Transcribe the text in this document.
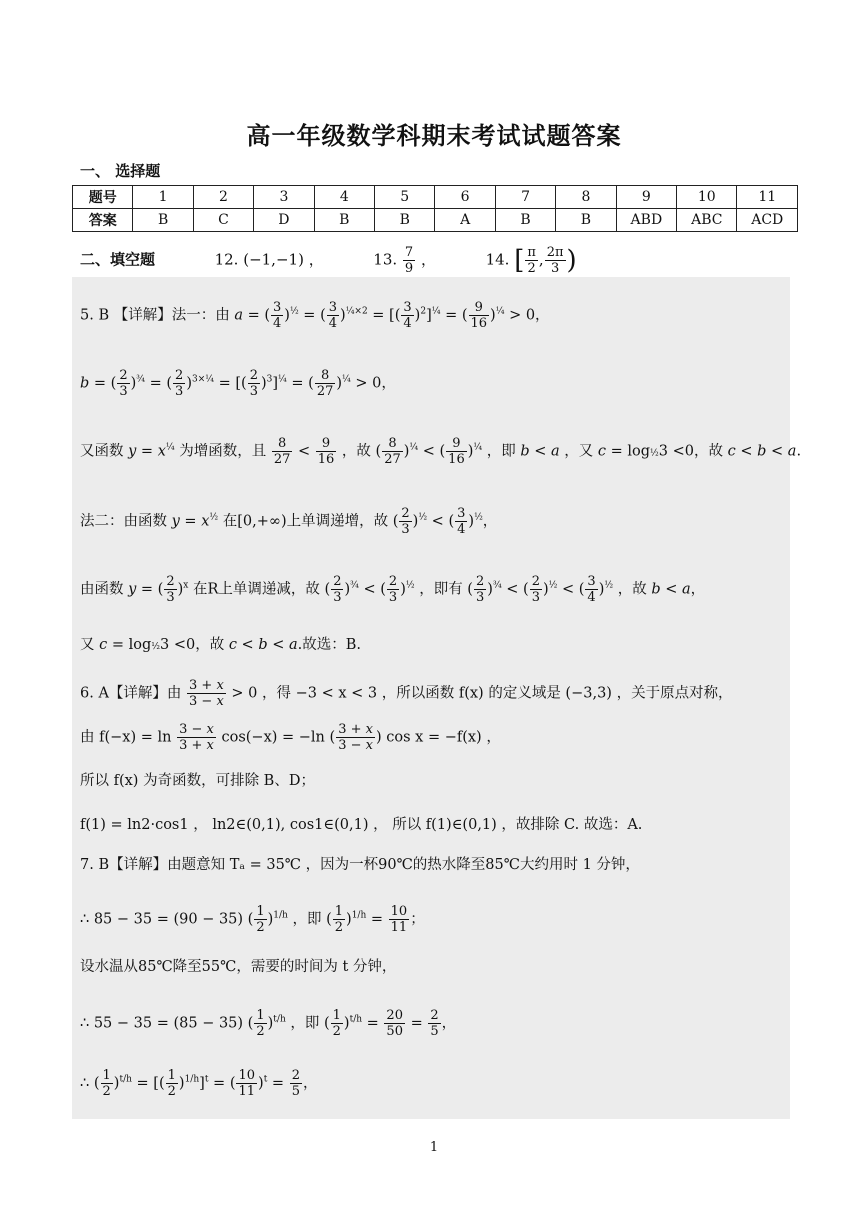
高一年级数学科期末考试试题答案
一、 选择题
题号	1	2	3	4	5	6	7	8	9	10	11
答案	B	C	D	B	B	A	B	B	ABD	ABC	ACD
二、填空题	12. (−1,−1) ，	13. $\frac{7}{9}$ ，	14. [ $\frac{\pi}{2}$ , $\frac{2\pi}{3}$ )
5. B 【详解】法一：由 a = ( $\frac{3}{4} )^{\frac{1}{2}}$ = ( $\frac{3}{4} )^{\frac{1}{4}\times 2}$ = [( $\frac{3}{4} )^2]^{\frac{1}{4}}$ = ( $\frac{9}{16} )^{\frac{1}{4}} > 0$，
b = ( $\frac{2}{3} )^{\frac{3}{4}}$ = ( $\frac{2}{3} )^{3\times\frac{1}{4}}$ = [( $\frac{2}{3} )^3]^{\frac{1}{4}}$ = ( $\frac{8}{27} )^{\frac{1}{4}} > 0$，
又函数 $y = x^{\frac{1}{4}}$ 为增函数，且 $\frac{8}{27} < \frac{9}{16}$ ，故 ( $\frac{8}{27} )^{\frac{1}{4}}$ < ( $\frac{9}{16} )^{\frac{1}{4}}$ ，即 b < a ，又 c = log½3 <0，故 c < b < a.
法二：由函数 $y = x^{\frac{1}{2}}$ 在[0,+∞)上单调递增，故 ( $\frac{2}{3} )^{\frac{1}{2}}$ < ( $\frac{3}{4} )^{\frac{1}{2}}$，
由函数 y = ( $\frac{2}{3} )^x$ 在R上单调递减，故 ( $\frac{2}{3} )^{\frac{3}{4}}$ < ( $\frac{2}{3} )^{\frac{1}{2}}$ ，即有 ( $\frac{2}{3} )^{\frac{3}{4}}$ < ( $\frac{2}{3} )^{\frac{1}{2}}$ < ( $\frac{3}{4} )^{\frac{1}{2}}$ ，故 b < a，
又 c = log½3 <0，故 c < b < a.故选：B.
6. A【详解】由 $\frac{3 + x}{3 - x} > 0$ ，得 −3 < x < 3 ，所以函数 f(x) 的定义域是 (−3,3) ，关于原点对称，
由 $f(-x) = \ln \frac{3 - x}{3 + x} \cos(-x) = -\ln$ ( $\frac{3 + x}{3 - x}$ ) cos x = −f(x) ，
所以 f(x) 为奇函数，可排除 B、D；
f(1) = ln2·cos1 ， ln2∈(0,1), cos1∈(0,1) ， 所以 f(1)∈(0,1) ，故排除 C. 故选：A.
7. B【详解】由题意知 Tₐ = 35℃ ，因为一杯90℃的热水降至85℃大约用时 1 分钟，
∴ 85 − 35 = (90 − 35) ( $\frac{1}{2} )^{1/h}$ ，即 ( $\frac{1}{2} )^{1/h} = \frac{10}{11}$ ；
设水温从85℃降至55℃，需要的时间为 t 分钟，
∴ 55 − 35 = (85 − 35) ( $\frac{1}{2} )^{t/h}$ ，即 ( $\frac{1}{2} )^{t/h} = \frac{20}{50} = \frac{2}{5}$ ，
∴ ( $\frac{1}{2} )^{t/h}$ = [( $\frac{1}{2} )^{1/h}]^t$ = ( $\frac{10}{11} )^t = \frac{2}{5}$ ，
1
